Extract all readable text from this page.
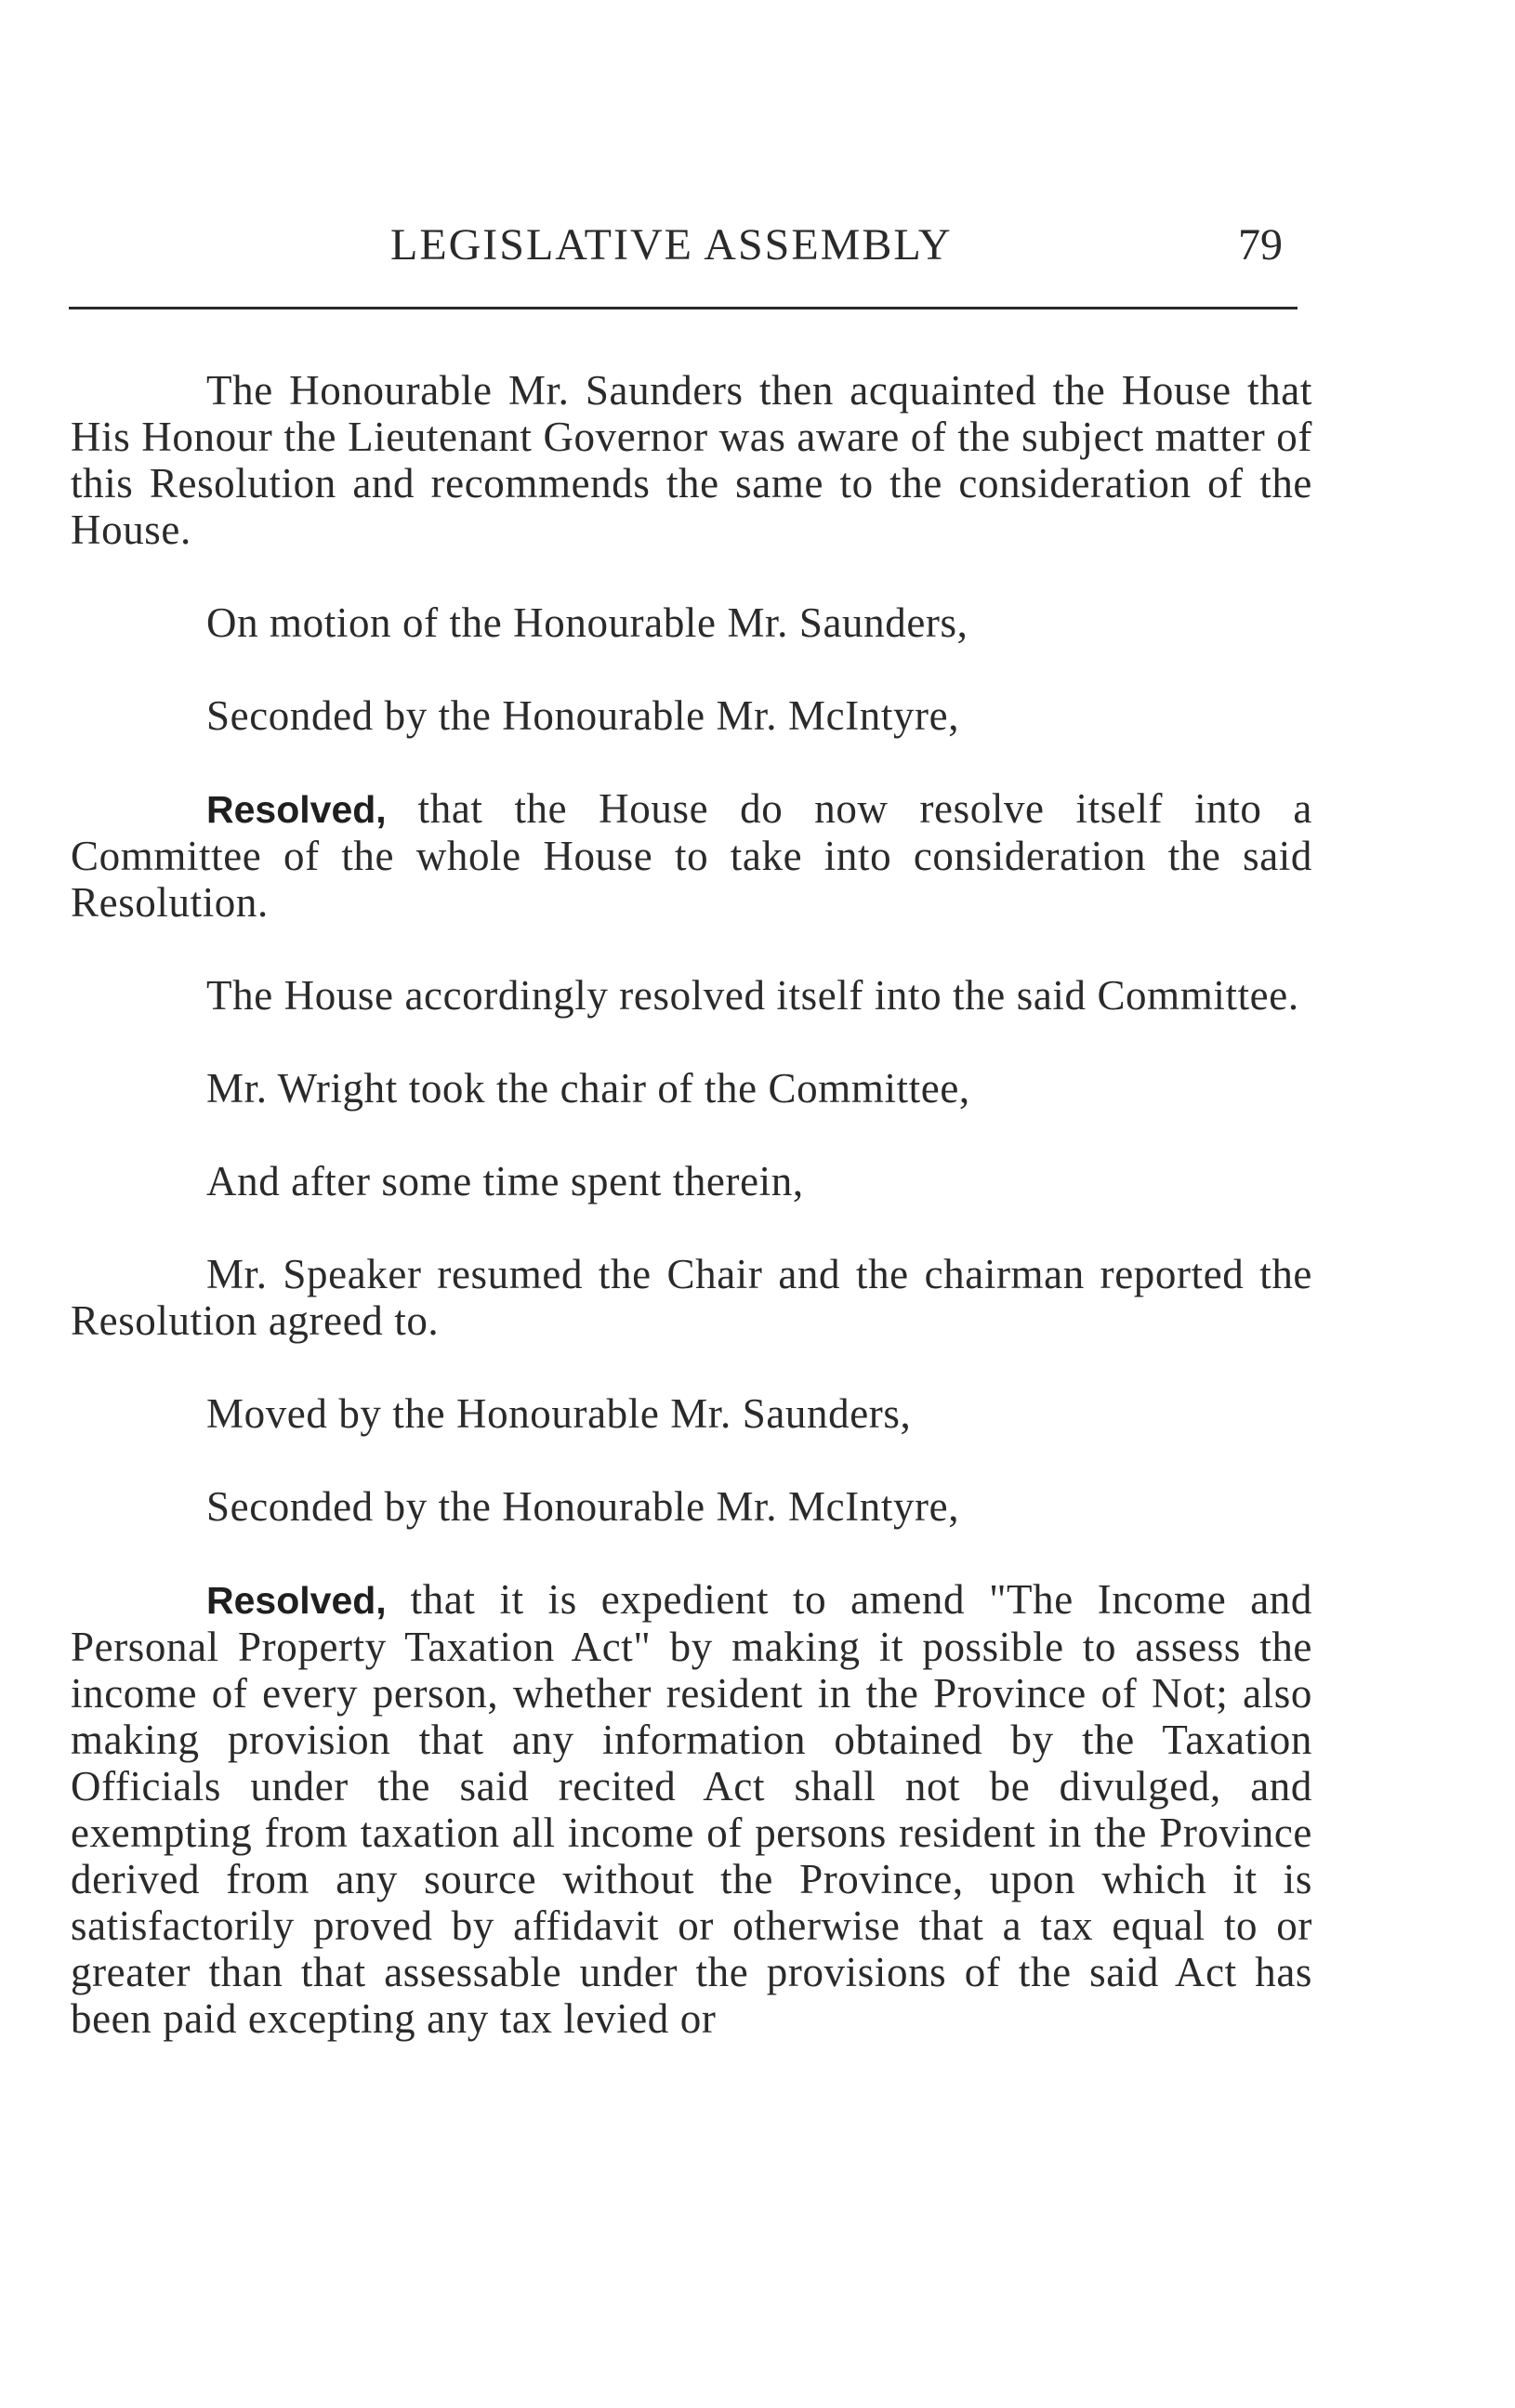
LEGISLATIVE ASSEMBLY	79

The Honourable Mr. Saunders then acquainted the House that His Honour the Lieutenant Governor was aware of the subject matter of this Resolution and recommends the same to the consideration of the House.

On motion of the Honourable Mr. Saunders,

Seconded by the Honourable Mr. McIntyre,

Resolved, that the House do now resolve itself into a Committee of the whole House to take into consideration the said Resolution.

The House accordingly resolved itself into the said Committee.

Mr. Wright took the chair of the Committee,

And after some time spent therein,

Mr. Speaker resumed the Chair and the chairman reported the Resolution agreed to.

Moved by the Honourable Mr. Saunders,

Seconded by the Honourable Mr. McIntyre,

Resolved, that it is expedient to amend "The Income and Personal Property Taxation Act" by making it possible to assess the income of every person, whether resident in the Province of Not; also making provision that any information obtained by the Taxation Officials under the said recited Act shall not be divulged, and exempting from taxation all income of persons resident in the Province derived from any source without the Province, upon which it is satisfactorily proved by affidavit or otherwise that a tax equal to or greater than that assessable under the provisions of the said Act has been paid excepting any tax levied or
